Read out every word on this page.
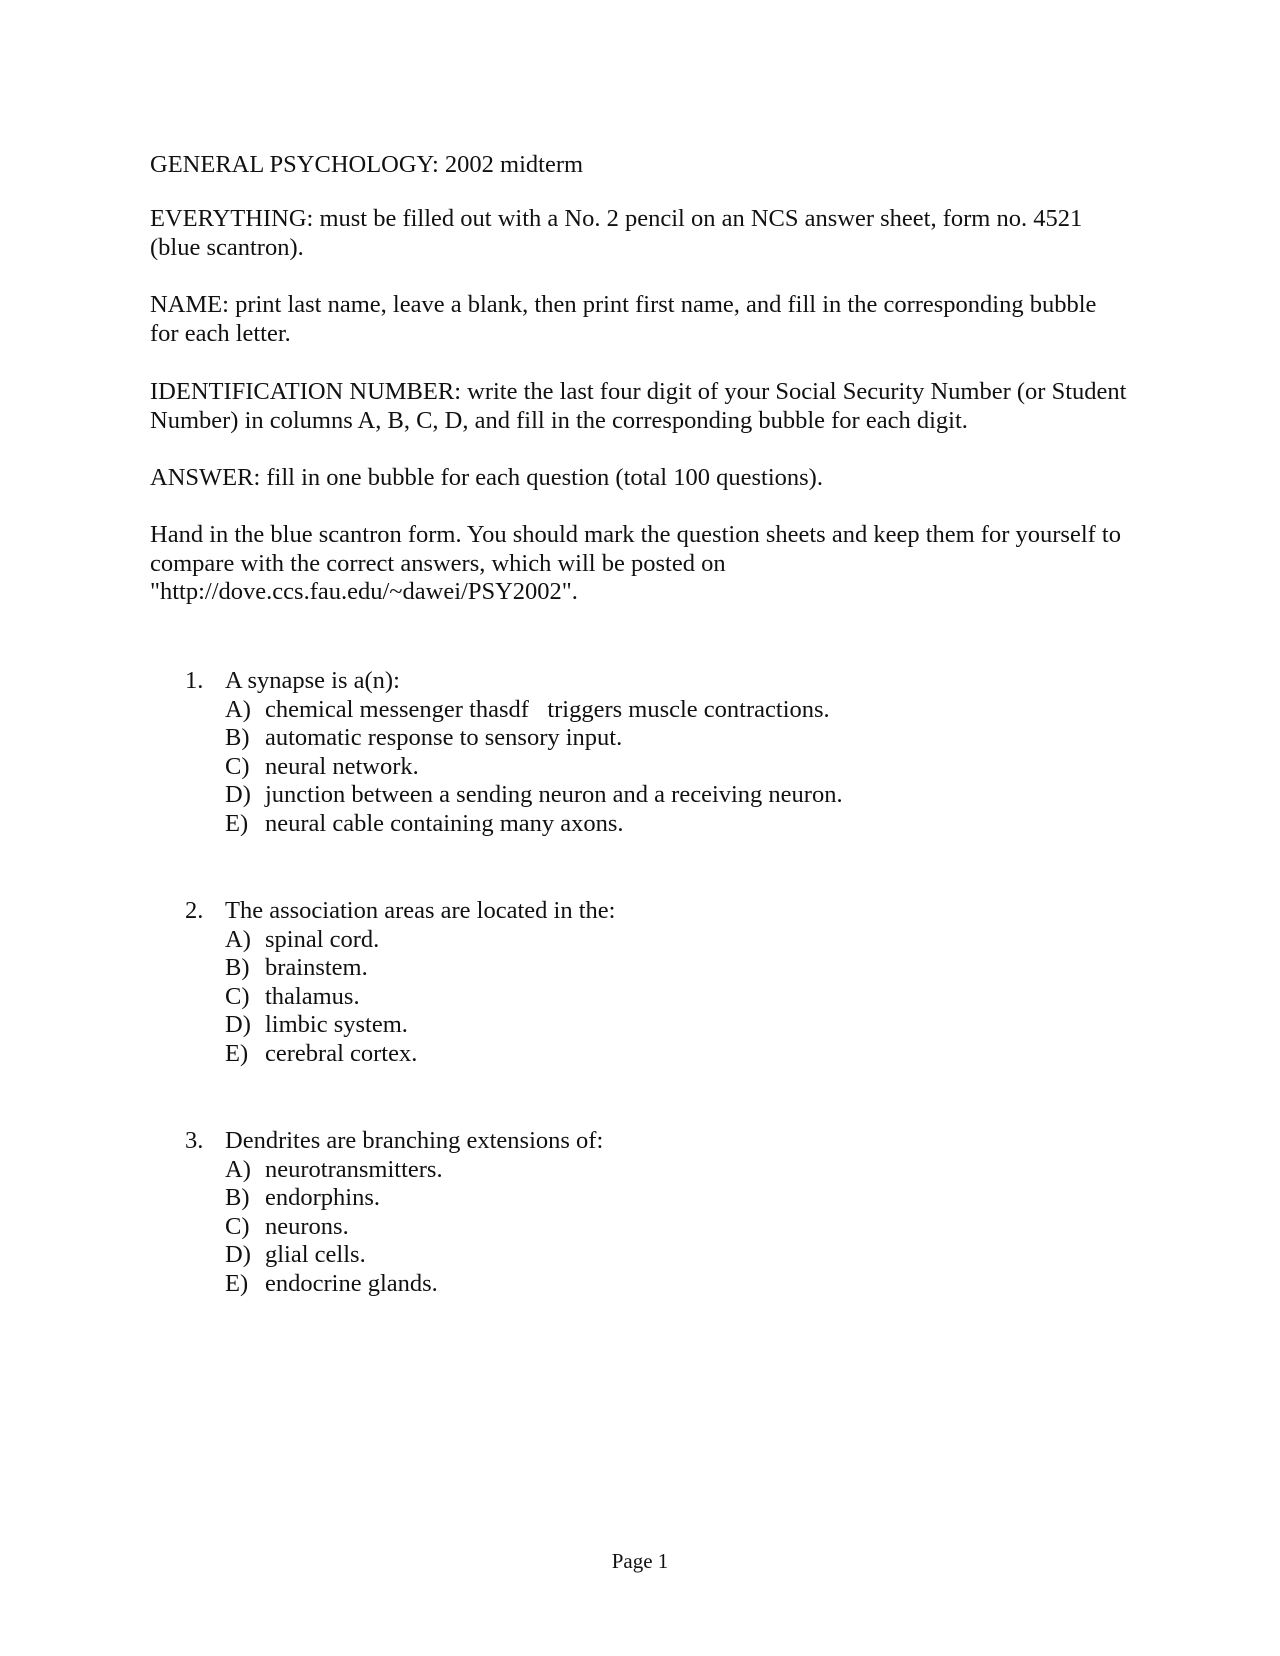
GENERAL PSYCHOLOGY: 2002 midterm

EVERYTHING: must be filled out with a No. 2 pencil on an NCS answer sheet, form no. 4521 (blue scantron).

NAME: print last name, leave a blank, then print first name, and fill in the corresponding bubble for each letter.

IDENTIFICATION NUMBER: write the last four digit of your Social Security Number (or Student Number) in columns A, B, C, D, and fill in the corresponding bubble for each digit.

ANSWER: fill in one bubble for each question (total 100 questions).

Hand in the blue scantron form. You should mark the question sheets and keep them for yourself to compare with the correct answers, which will be posted on "http://dove.ccs.fau.edu/~dawei/PSY2002".

1. A synapse is a(n):
A) chemical messenger thasdf   triggers muscle contractions.
B) automatic response to sensory input.
C) neural network.
D) junction between a sending neuron and a receiving neuron.
E) neural cable containing many axons.
2. The association areas are located in the:
A) spinal cord.
B) brainstem.
C) thalamus.
D) limbic system.
E) cerebral cortex.
3. Dendrites are branching extensions of:
A) neurotransmitters.
B) endorphins.
C) neurons.
D) glial cells.
E) endocrine glands.
Page 1
